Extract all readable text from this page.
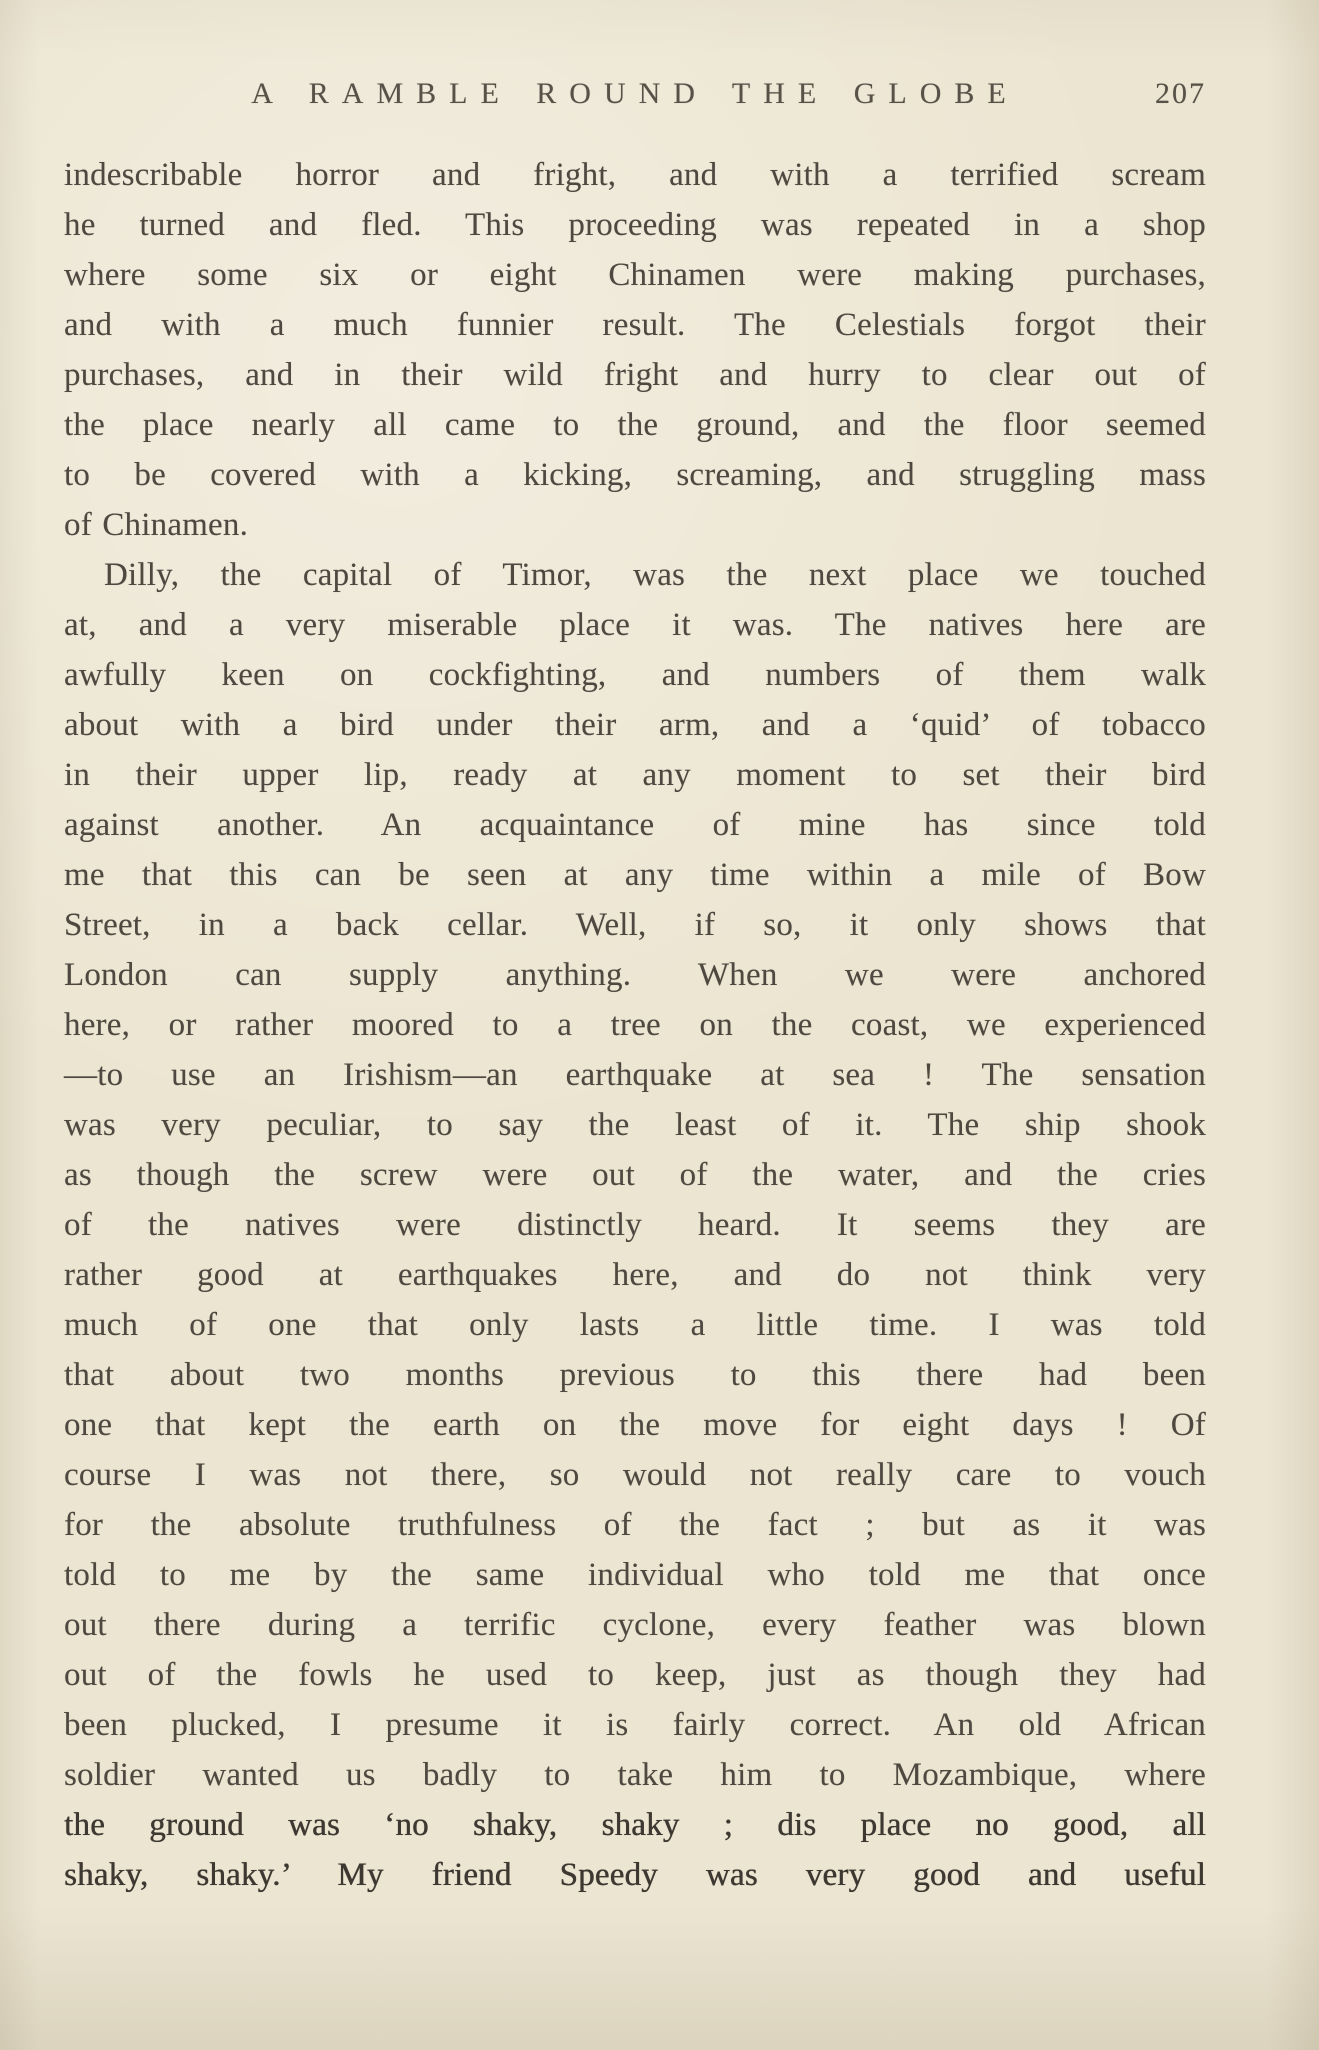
A RAMBLE ROUND THE GLOBE	207
indescribable horror and fright, and with a terrified scream
he turned and fled. This proceeding was repeated in a shop
where some six or eight Chinamen were making purchases,
and with a much funnier result. The Celestials forgot their
purchases, and in their wild fright and hurry to clear out of
the place nearly all came to the ground, and the floor seemed
to be covered with a kicking, screaming, and struggling mass
of Chinamen.
Dilly, the capital of Timor, was the next place we touched
at, and a very miserable place it was. The natives here are
awfully keen on cockfighting, and numbers of them walk
about with a bird under their arm, and a ‘quid’ of tobacco
in their upper lip, ready at any moment to set their bird
against another. An acquaintance of mine has since told
me that this can be seen at any time within a mile of Bow
Street, in a back cellar. Well, if so, it only shows that
London can supply anything. When we were anchored
here, or rather moored to a tree on the coast, we experienced
—to use an Irishism—an earthquake at sea ! The sensation
was very peculiar, to say the least of it. The ship shook
as though the screw were out of the water, and the cries
of the natives were distinctly heard. It seems they are
rather good at earthquakes here, and do not think very
much of one that only lasts a little time. I was told
that about two months previous to this there had been
one that kept the earth on the move for eight days ! Of
course I was not there, so would not really care to vouch
for the absolute truthfulness of the fact ; but as it was
told to me by the same individual who told me that once
out there during a terrific cyclone, every feather was blown
out of the fowls he used to keep, just as though they had
been plucked, I presume it is fairly correct. An old African
soldier wanted us badly to take him to Mozambique, where
the ground was ‘no shaky, shaky ; dis place no good, all
shaky, shaky.’ My friend Speedy was very good and useful
